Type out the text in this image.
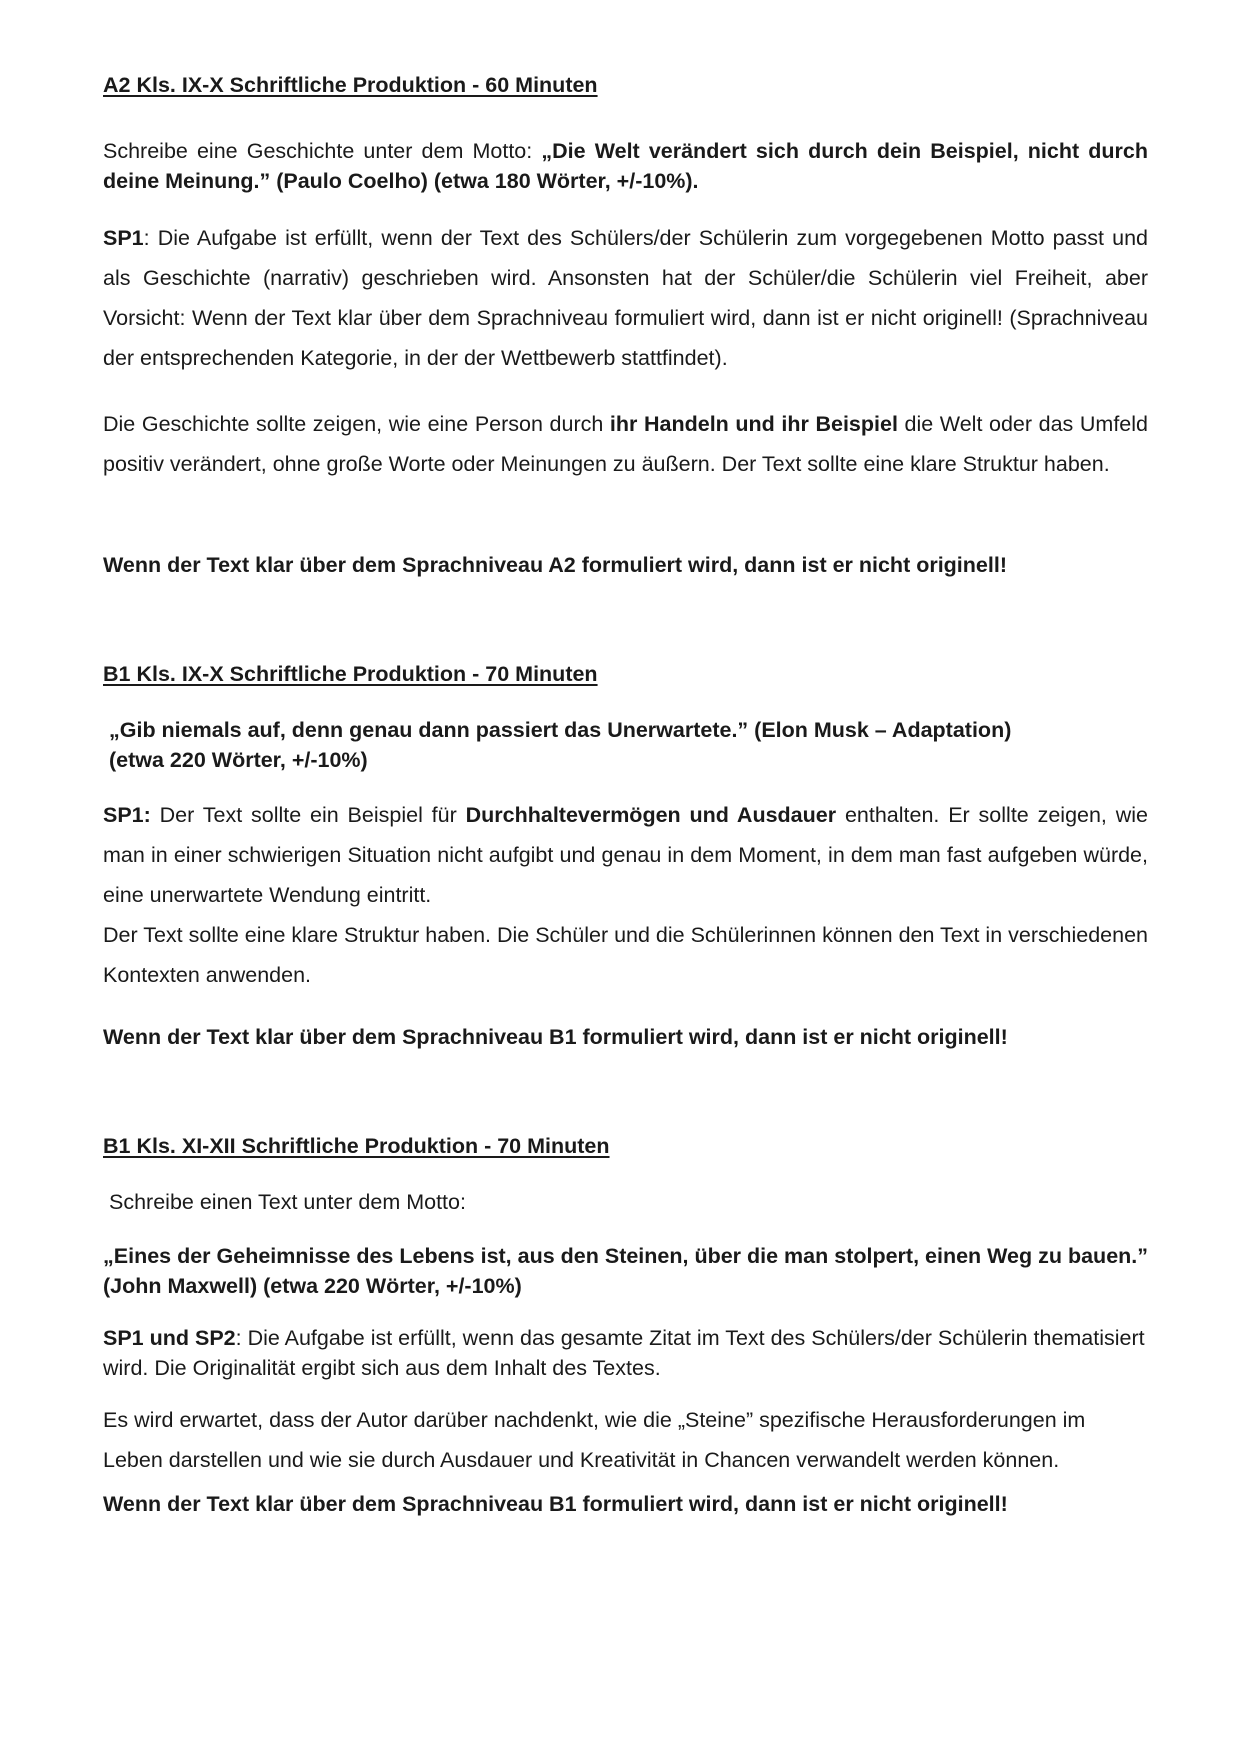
A2 Kls. IX-X Schriftliche Produktion - 60 Minuten
Schreibe eine Geschichte unter dem Motto: „Die Welt verändert sich durch dein Beispiel, nicht durch deine Meinung.” (Paulo Coelho) (etwa 180 Wörter, +/-10%).
SP1: Die Aufgabe ist erfüllt, wenn der Text des Schülers/der Schülerin zum vorgegebenen Motto passt und als Geschichte (narrativ) geschrieben wird. Ansonsten hat der Schüler/die Schülerin viel Freiheit, aber Vorsicht: Wenn der Text klar über dem Sprachniveau formuliert wird, dann ist er nicht originell! (Sprachniveau der entsprechenden Kategorie, in der der Wettbewerb stattfindet).
Die Geschichte sollte zeigen, wie eine Person durch ihr Handeln und ihr Beispiel die Welt oder das Umfeld positiv verändert, ohne große Worte oder Meinungen zu äußern. Der Text sollte eine klare Struktur haben.
Wenn der Text klar über dem Sprachniveau A2 formuliert wird, dann ist er nicht originell!
B1 Kls. IX-X Schriftliche Produktion - 70 Minuten
„Gib niemals auf, denn genau dann passiert das Unerwartete.” (Elon Musk – Adaptation)
(etwa 220 Wörter, +/-10%)
SP1: Der Text sollte ein Beispiel für Durchhaltevermögen und Ausdauer enthalten. Er sollte zeigen, wie man in einer schwierigen Situation nicht aufgibt und genau in dem Moment, in dem man fast aufgeben würde, eine unerwartete Wendung eintritt.
Der Text sollte eine klare Struktur haben. Die Schüler und die Schülerinnen können den Text in verschiedenen Kontexten anwenden.
Wenn der Text klar über dem Sprachniveau B1 formuliert wird, dann ist er nicht originell!
B1 Kls. XI-XII Schriftliche Produktion - 70 Minuten
Schreibe einen Text unter dem Motto:
„Eines der Geheimnisse des Lebens ist, aus den Steinen, über die man stolpert, einen Weg zu bauen.” (John Maxwell) (etwa 220 Wörter, +/-10%)
SP1 und SP2: Die Aufgabe ist erfüllt, wenn das gesamte Zitat im Text des Schülers/der Schülerin thematisiert wird. Die Originalität ergibt sich aus dem Inhalt des Textes.
Es wird erwartet, dass der Autor darüber nachdenkt, wie die „Steine” spezifische Herausforderungen im Leben darstellen und wie sie durch Ausdauer und Kreativität in Chancen verwandelt werden können.
Wenn der Text klar über dem Sprachniveau B1 formuliert wird, dann ist er nicht originell!
